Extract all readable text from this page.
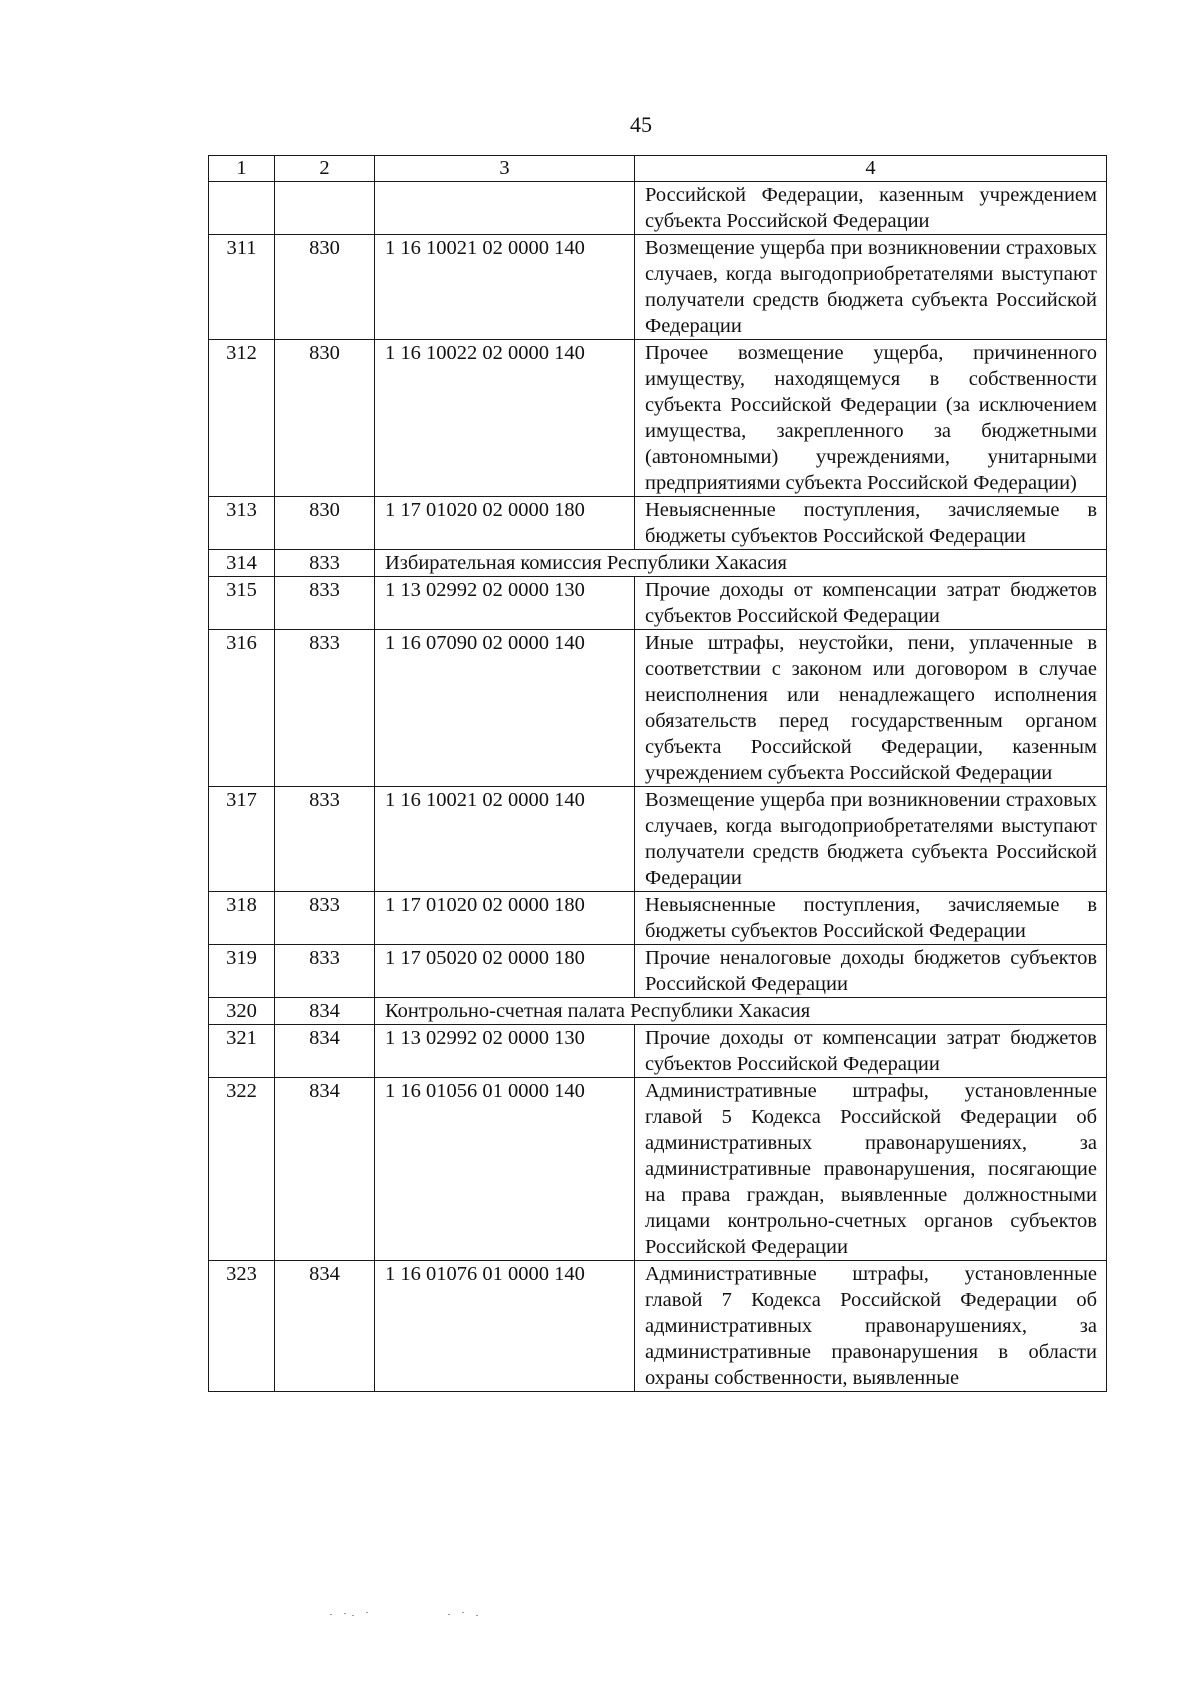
45
1	2	3	4
			Российской Федерации, казенным учреждением субъекта Российской Федерации
311	830	1 16 10021 02 0000 140	Возмещение ущерба при возникновении страховых случаев, когда выгодоприобретателями выступают получатели средств бюджета субъекта Российской Федерации
312	830	1 16 10022 02 0000 140	Прочее возмещение ущерба, причиненного имуществу, находящемуся в собственности субъекта Российской Федерации (за исключением имущества, закрепленного за бюджетными (автономными) учреждениями, унитарными предприятиями субъекта Российской Федерации)
313	830	1 17 01020 02 0000 180	Невыясненные поступления, зачисляемые в бюджеты субъектов Российской Федерации
314	833	Избирательная комиссия Республики Хакасия	
315	833	1 13 02992 02 0000 130	Прочие доходы от компенсации затрат бюджетов субъектов Российской Федерации
316	833	1 16 07090 02 0000 140	Иные штрафы, неустойки, пени, уплаченные в соответствии с законом или договором в случае неисполнения или ненадлежащего исполнения обязательств перед государственным органом субъекта Российской Федерации, казенным учреждением субъекта Российской Федерации
317	833	1 16 10021 02 0000 140	Возмещение ущерба при возникновении страховых случаев, когда выгодоприобретателями выступают получатели средств бюджета субъекта Российской Федерации
318	833	1 17 01020 02 0000 180	Невыясненные поступления, зачисляемые в бюджеты субъектов Российской Федерации
319	833	1 17 05020 02 0000 180	Прочие неналоговые доходы бюджетов субъектов Российской Федерации
320	834	Контрольно-счетная палата Республики Хакасия	
321	834	1 13 02992 02 0000 130	Прочие доходы от компенсации затрат бюджетов субъектов Российской Федерации
322	834	1 16 01056 01 0000 140	Административные штрафы, установленные главой 5 Кодекса Российской Федерации об административных правонарушениях, за административные правонарушения, посягающие на права граждан, выявленные должностными лицами контрольно-счетных органов субъектов Российской Федерации
323	834	1 16 01076 01 0000 140	Административные штрафы, установленные главой 7 Кодекса Российской Федерации об административных правонарушениях, за административные правонарушения в области охраны собственности, выявленные
